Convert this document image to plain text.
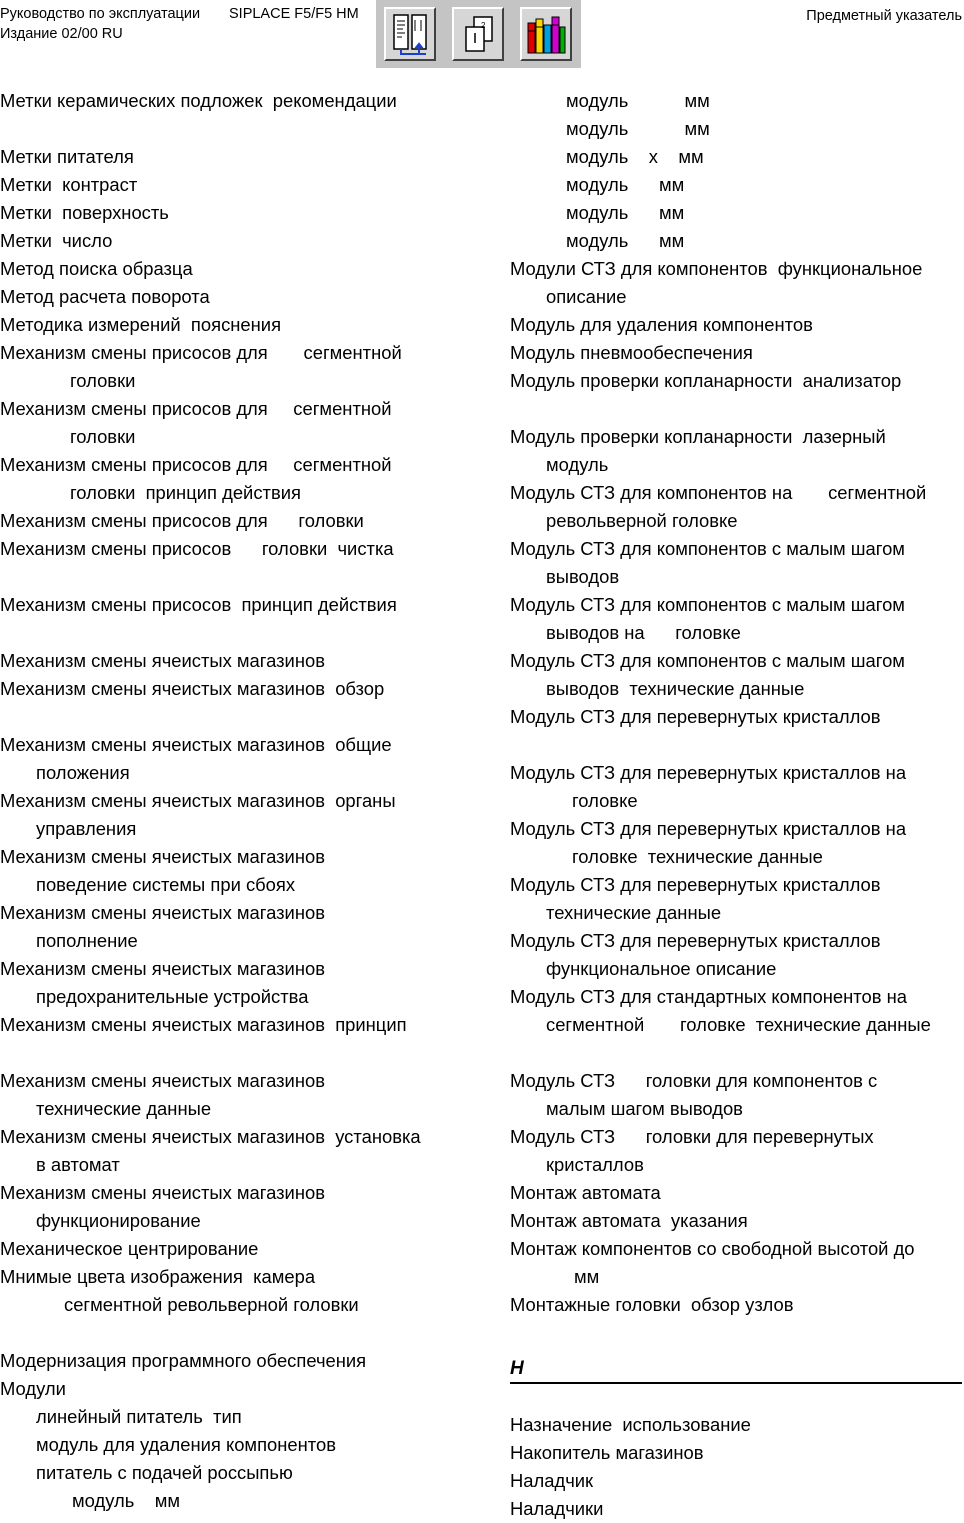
Руководство по эксплуатации
Издание 02/00 RU
SIPLACE F5/F5 HM	Предметный указатель
2
Метки керамических подложек  рекомендации
Метки питателя
Метки  контраст
Метки  поверхность
Метки  число
Метод поиска образца
Метод расчета поворота
Методика измерений  пояснения
Механизм смены присосов для       сегментной
головки
Механизм смены присосов для     сегментной
головки
Механизм смены присосов для     сегментной
головки  принцип действия
Механизм смены присосов для      головки
Механизм смены присосов      головки  чистка
Механизм смены присосов  принцип действия
Механизм смены ячеистых магазинов
Механизм смены ячеистых магазинов  обзор
Механизм смены ячеистых магазинов  общие
положения
Механизм смены ячеистых магазинов  органы
управления
Механизм смены ячеистых магазинов
поведение системы при сбоях
Механизм смены ячеистых магазинов
пополнение
Механизм смены ячеистых магазинов
предохранительные устройства
Механизм смены ячеистых магазинов  принцип
Механизм смены ячеистых магазинов
технические данные
Механизм смены ячеистых магазинов  установка
в автомат
Механизм смены ячеистых магазинов
функционирование
Механическое центрирование
Мнимые цвета изображения  камера
сегментной револьверной головки
Модернизация программного обеспечения
Модули
линейный питатель  тип
модуль для удаления компонентов
питатель с подачей россыпью
модуль    мм
модуль           мм
модуль           мм
модуль    х    мм
модуль      мм
модуль      мм
модуль      мм
Модули СТЗ для компонентов  функциональное
описание
Модуль для удаления компонентов
Модуль пневмообеспечения
Модуль проверки копланарности  анализатор
Модуль проверки копланарности  лазерный
модуль
Модуль СТЗ для компонентов на       сегментной
револьверной головке
Модуль СТЗ для компонентов с малым шагом
выводов
Модуль СТЗ для компонентов с малым шагом
выводов на      головке
Модуль СТЗ для компонентов с малым шагом
выводов  технические данные
Модуль СТЗ для перевернутых кристаллов
Модуль СТЗ для перевернутых кристаллов на
головке
Модуль СТЗ для перевернутых кристаллов на
головке  технические данные
Модуль СТЗ для перевернутых кристаллов
технические данные
Модуль СТЗ для перевернутых кристаллов
функциональное описание
Модуль СТЗ для стандартных компонентов на
сегментной       головке  технические данные
Модуль СТЗ      головки для компонентов с
малым шагом выводов
Модуль СТЗ      головки для перевернутых
кристаллов
Монтаж автомата
Монтаж автомата  указания
Монтаж компонентов со свободной высотой до
мм
Монтажные головки  обзор узлов
Н
Назначение  использование
Накопитель магазинов
Наладчик
Наладчики
